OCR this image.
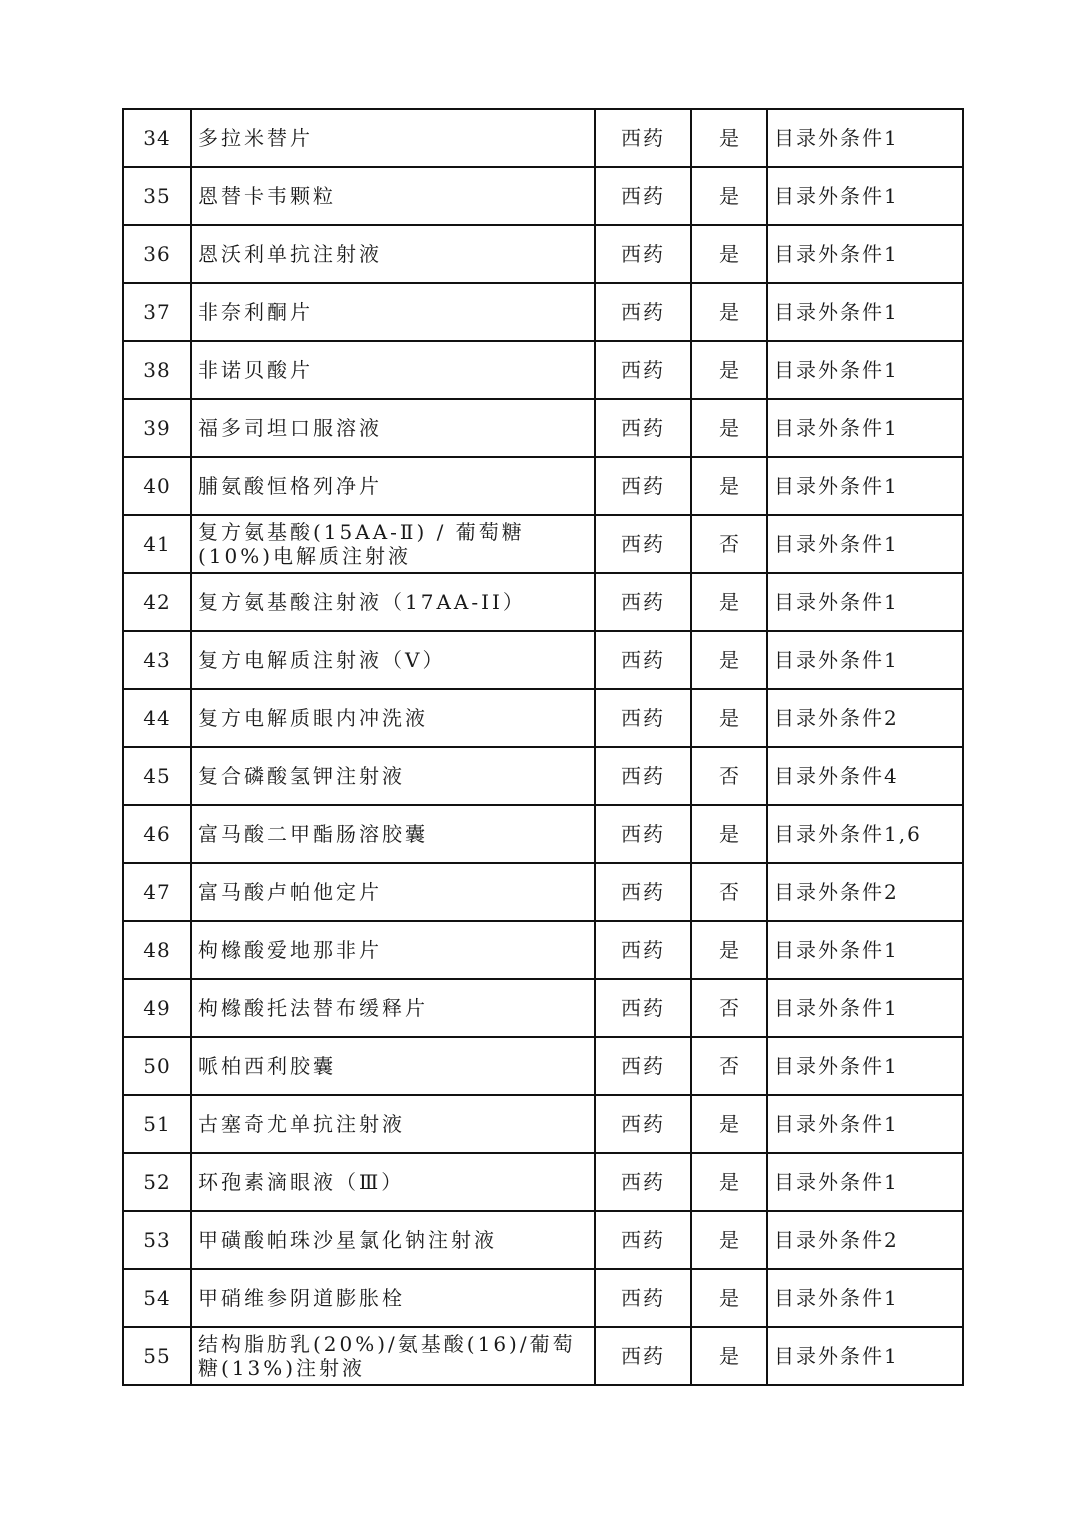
34	多拉米替片	西药	是	目录外条件1
35	恩替卡韦颗粒	西药	是	目录外条件1
36	恩沃利单抗注射液	西药	是	目录外条件1
37	非奈利酮片	西药	是	目录外条件1
38	非诺贝酸片	西药	是	目录外条件1
39	福多司坦口服溶液	西药	是	目录外条件1
40	脯氨酸恒格列净片	西药	是	目录外条件1
41	复方氨基酸(15AA-Ⅱ) / 葡萄糖(10%)电解质注射液	西药	否	目录外条件1
42	复方氨基酸注射液（17AA-II）	西药	是	目录外条件1
43	复方电解质注射液（Ⅴ）	西药	是	目录外条件1
44	复方电解质眼内冲洗液	西药	是	目录外条件2
45	复合磷酸氢钾注射液	西药	否	目录外条件4
46	富马酸二甲酯肠溶胶囊	西药	是	目录外条件1,6
47	富马酸卢帕他定片	西药	否	目录外条件2
48	枸橼酸爱地那非片	西药	是	目录外条件1
49	枸橼酸托法替布缓释片	西药	否	目录外条件1
50	哌柏西利胶囊	西药	否	目录外条件1
51	古塞奇尤单抗注射液	西药	是	目录外条件1
52	环孢素滴眼液（Ⅲ）	西药	是	目录外条件1
53	甲磺酸帕珠沙星氯化钠注射液	西药	是	目录外条件2
54	甲硝维参阴道膨胀栓	西药	是	目录外条件1
55	结构脂肪乳(20%)/氨基酸(16)/葡萄糖(13%)注射液	西药	是	目录外条件1
